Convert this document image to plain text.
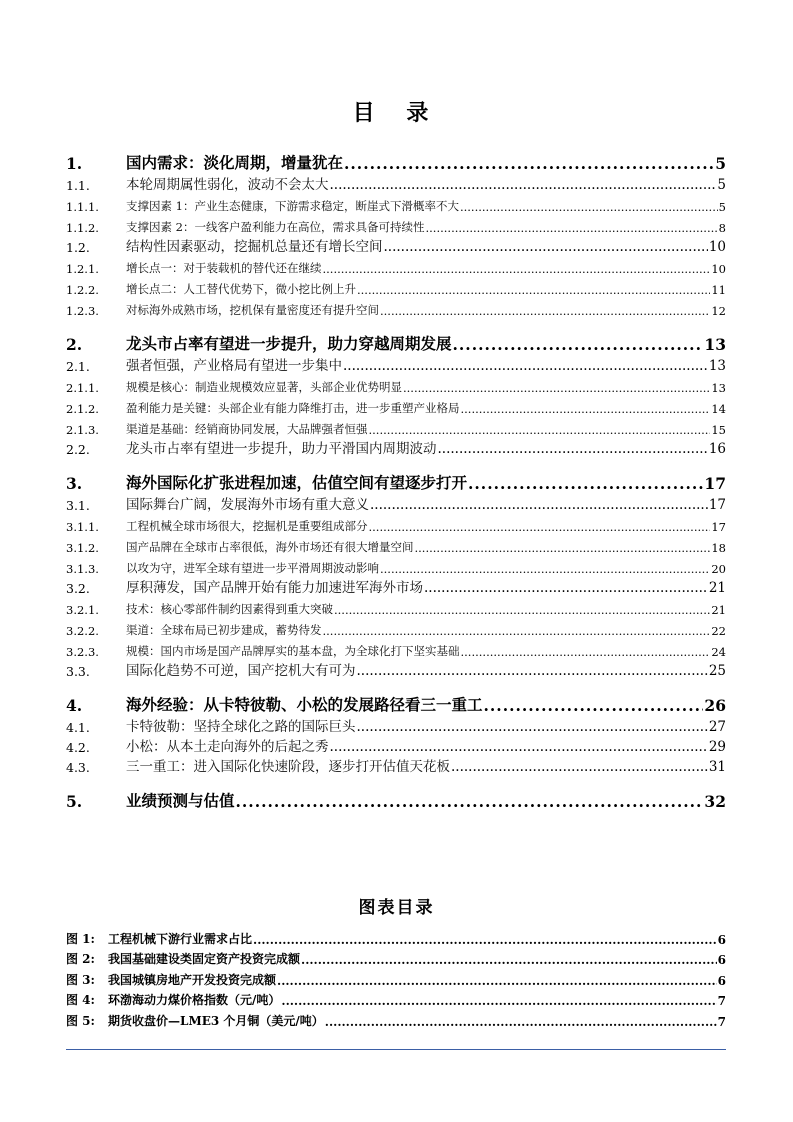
目 录
1.	国内需求：淡化周期，增量犹在 .....	5
1.1.	本轮周期属性弱化，波动不会太大 .....	5
1.1.1.	支撑因素 1：产业生态健康，下游需求稳定，断崖式下滑概率不大 .....	5
1.1.2.	支撑因素 2：一线客户盈利能力在高位，需求具备可持续性 .....	8
1.2.	结构性因素驱动，挖掘机总量还有增长空间 .....	10
1.2.1.	增长点一：对于装载机的替代还在继续 .....	10
1.2.2.	增长点二：人工替代优势下，微小挖比例上升 .....	11
1.2.3.	对标海外成熟市场，挖机保有量密度还有提升空间 .....	12
2.	龙头市占率有望进一步提升，助力穿越周期发展 .....	13
2.1.	强者恒强，产业格局有望进一步集中 .....	13
2.1.1.	规模是核心：制造业规模效应显著，头部企业优势明显 .....	13
2.1.2.	盈利能力是关键：头部企业有能力降维打击，进一步重塑产业格局 .....	14
2.1.3.	渠道是基础：经销商协同发展，大品牌强者恒强 .....	15
2.2.	龙头市占率有望进一步提升，助力平滑国内周期波动 .....	16
3.	海外国际化扩张进程加速，估值空间有望逐步打开 .....	17
3.1.	国际舞台广阔，发展海外市场有重大意义 .....	17
3.1.1.	工程机械全球市场很大，挖掘机是重要组成部分 .....	17
3.1.2.	国产品牌在全球市占率很低，海外市场还有很大增量空间 .....	18
3.1.3.	以攻为守，进军全球有望进一步平滑周期波动影响 .....	20
3.2.	厚积薄发，国产品牌开始有能力加速进军海外市场 .....	21
3.2.1.	技术：核心零部件制约因素得到重大突破 .....	21
3.2.2.	渠道：全球布局已初步建成，蓄势待发 .....	22
3.2.3.	规模：国内市场是国产品牌厚实的基本盘，为全球化打下坚实基础 .....	24
3.3.	国际化趋势不可逆，国产挖机大有可为 .....	25
4.	海外经验：从卡特彼勒、小松的发展路径看三一重工 .....	26
4.1.	卡特彼勒：坚持全球化之路的国际巨头 .....	27
4.2.	小松：从本土走向海外的后起之秀 .....	29
4.3.	三一重工：进入国际化快速阶段，逐步打开估值天花板 .....	31
5.	业绩预测与估值 .....	32
图表目录
图 1:	工程机械下游行业需求占比 .....	6
图 2:	我国基础建设类固定资产投资完成额 .....	6
图 3:	我国城镇房地产开发投资完成额 .....	6
图 4:	环渤海动力煤价格指数（元/吨） .....	7
图 5:	期货收盘价—LME3 个月铜（美元/吨） .....	7
